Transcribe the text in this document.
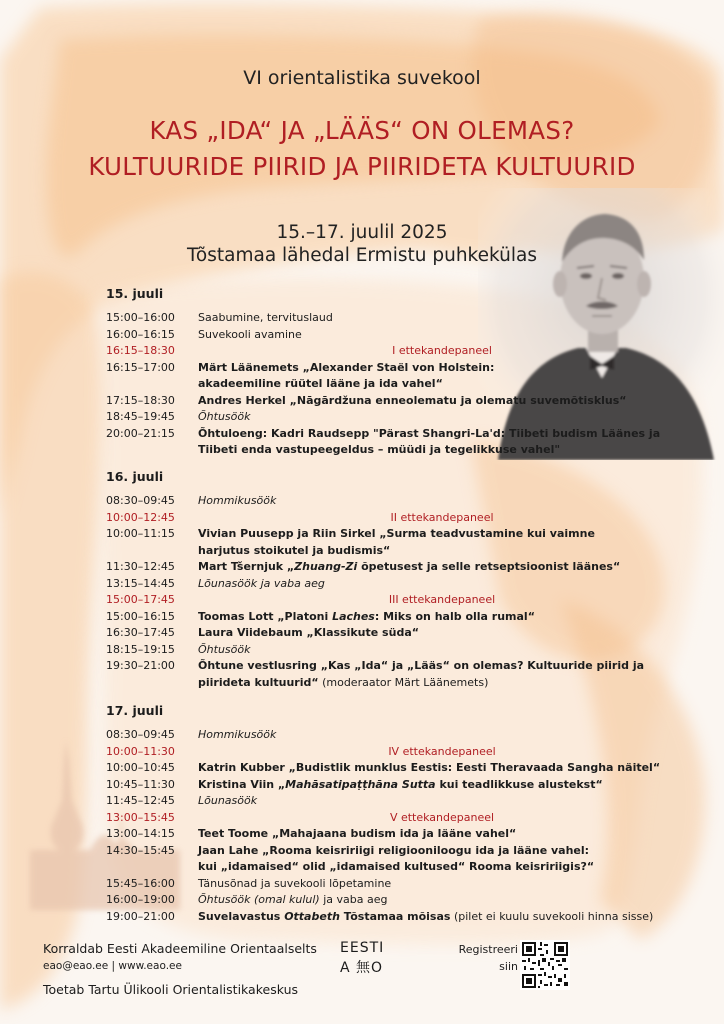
VI orientalistika suvekool
KAS „IDA“ JA „LÄÄS“ ON OLEMAS?
KULTUURIDE PIIRID JA PIIRIDETA KULTUURID
15.–17. juulil 2025
Tõstamaa lähedal Ermistu puhkekülas
15. juuli
15:00–16:00	Saabumine, tervituslaud
16:00–16:15	Suvekooli avamine
16:15–18:30	I ettekandepaneel
16:15–17:00	Märt Läänemets „Alexander Staël von Holstein:
akadeemiline rüütel lääne ja ida vahel“
17:15–18:30	Andres Herkel „Nāgārdžuna enneolematu ja olematu suvemõtisklus“
18:45–19:45	Õhtusöök
20:00–21:15	Õhtuloeng: Kadri Raudsepp "Pärast Shangri-La'd: Tiibeti budism Läänes ja
Tiibeti enda vastupeegeldus – müüdi ja tegelikkuse vahel"
16. juuli
08:30–09:45	Hommikusöök
10:00–12:45	II ettekandepaneel
10:00–11:15	Vivian Puusepp ja Riin Sirkel „Surma teadvustamine kui vaimne
harjutus stoikutel ja budismis“
11:30–12:45	Mart Tšernjuk „Zhuang-Zi õpetusest ja selle retseptsioonist läänes“
13:15–14:45	Lõunasöök ja vaba aeg
15:00–17:45	III ettekandepaneel
15:00–16:15	Toomas Lott „Platoni Laches: Miks on halb olla rumal“
16:30–17:45	Laura Viidebaum „Klassikute süda“
18:15–19:15	Õhtusöök
19:30–21:00	Õhtune vestlusring „Kas „Ida“ ja „Lääs“ on olemas? Kultuuride piirid ja
piirideta kultuurid“ (moderaator Märt Läänemets)
17. juuli
08:30–09:45	Hommikusöök
10:00–11:30	IV ettekandepaneel
10:00–10:45	Katrin Kubber „Budistlik munklus Eestis: Eesti Theravaada Sangha näitel“
10:45–11:30	Kristina Viin „Mahāsatipaṭṭhāna Sutta kui teadlikkuse alustekst“
11:45–12:45	Lõunasöök
13:00–15:45	V ettekandepaneel
13:00–14:15	Teet Toome „Mahajaana budism ida ja lääne vahel“
14:30–15:45	Jaan Lahe „Rooma keisririigi religiooniloogu ida ja lääne vahel:
kui „idamaised“ olid „idamaised kultused“ Rooma keisririigis?“
15:45–16:00	Tänusõnad ja suvekooli lõpetamine
16:00–19:00	Õhtusöök (omal kulul) ja vaba aeg
19:00–21:00	Suvelavastus Ottabeth Tõstamaa mõisas (pilet ei kuulu suvekooli hinna sisse)
Korraldab Eesti Akadeemiline Orientaalselts
eao@eao.ee | www.eao.ee
Toetab Tartu Ülikooli Orientalistikakeskus
EESTI
A 無O
Registreeri
siin
